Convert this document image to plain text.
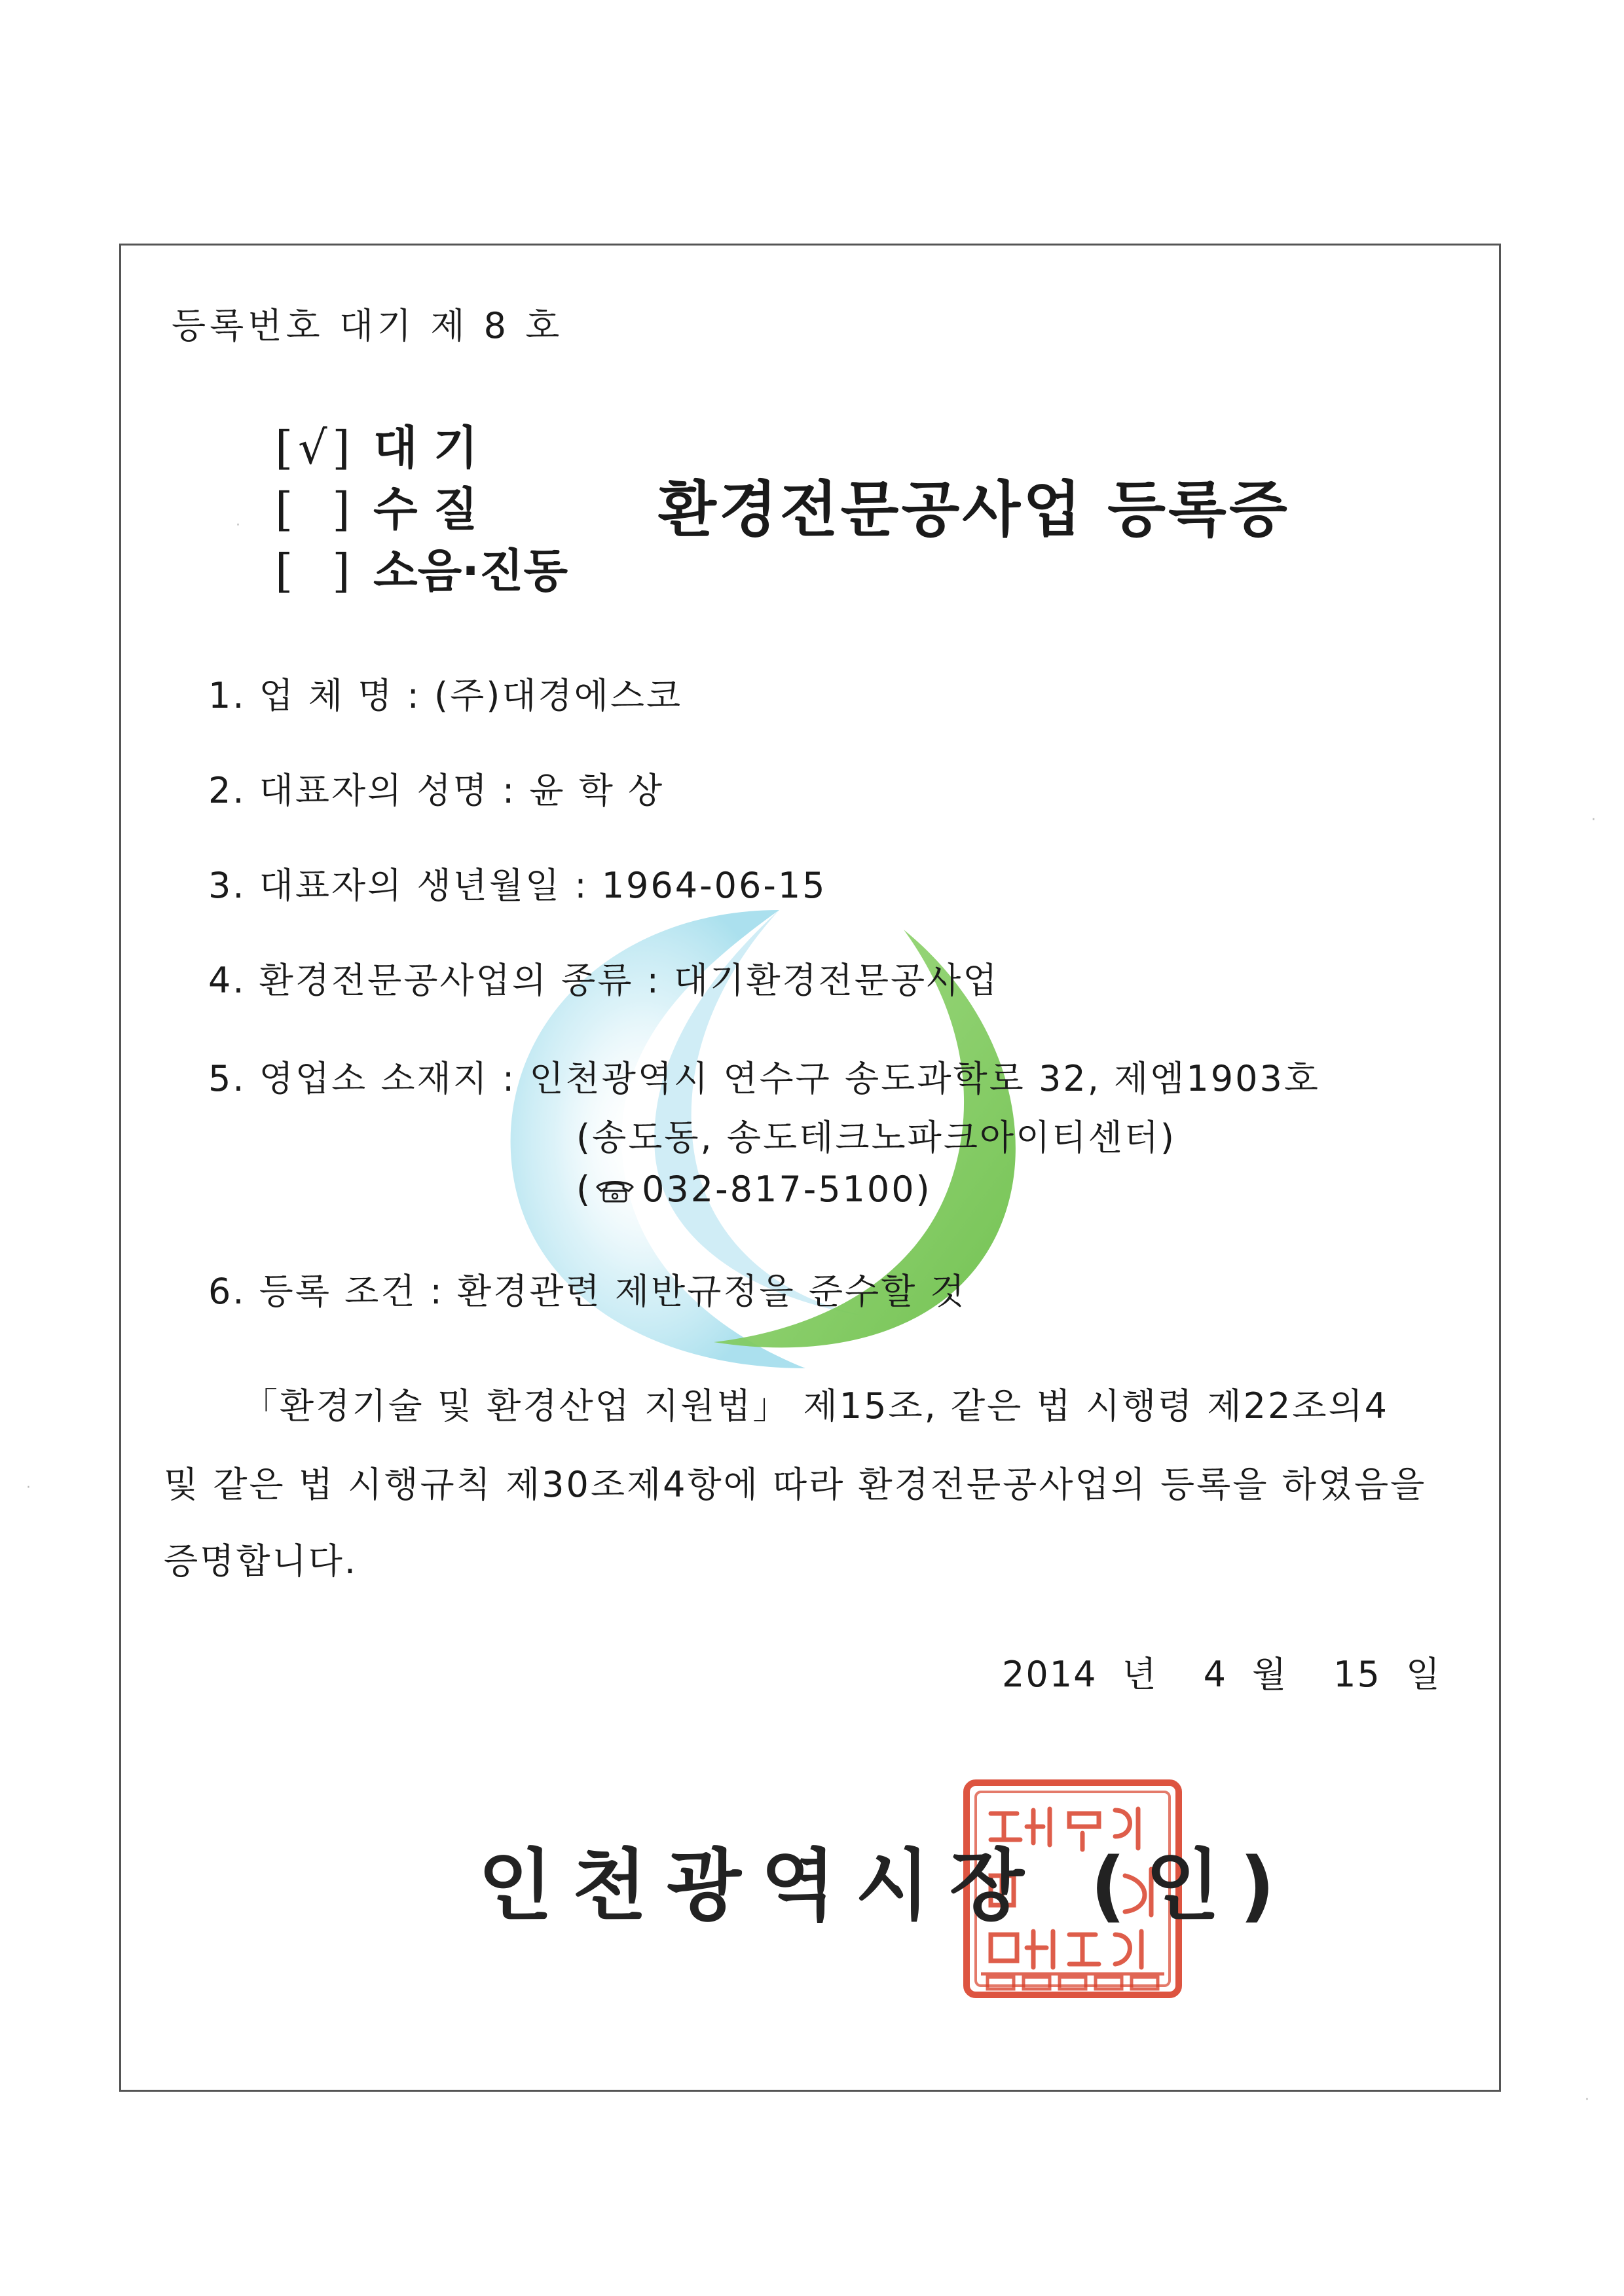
등록번호 대기 제 8 호
[ √ ] 대 기
[ ] 수 질
[ ] 소음·진동
환경전문공사업 등록증
1. 업 체 명 : (주)대경에스코
2. 대표자의 성명 : 윤 학 상
3. 대표자의 생년월일 : 1964-06-15
4. 환경전문공사업의 종류 : 대기환경전문공사업
5. 영업소 소재지 : 인천광역시 연수구 송도과학로 32, 제엠1903호
(송도동, 송도테크노파크아이티센터)
( 032-817-5100)
6. 등록 조건 : 환경관련 제반규정을 준수할 것
「환경기술 및 환경산업 지원법」 제15조, 같은 법 시행령 제22조의4
및 같은 법 시행규칙 제30조제4항에 따라 환경전문공사업의 등록을 하였음을
증명합니다.
2014 년 4 월 15 일
인천광역시장 (인)
·
·
·
·
